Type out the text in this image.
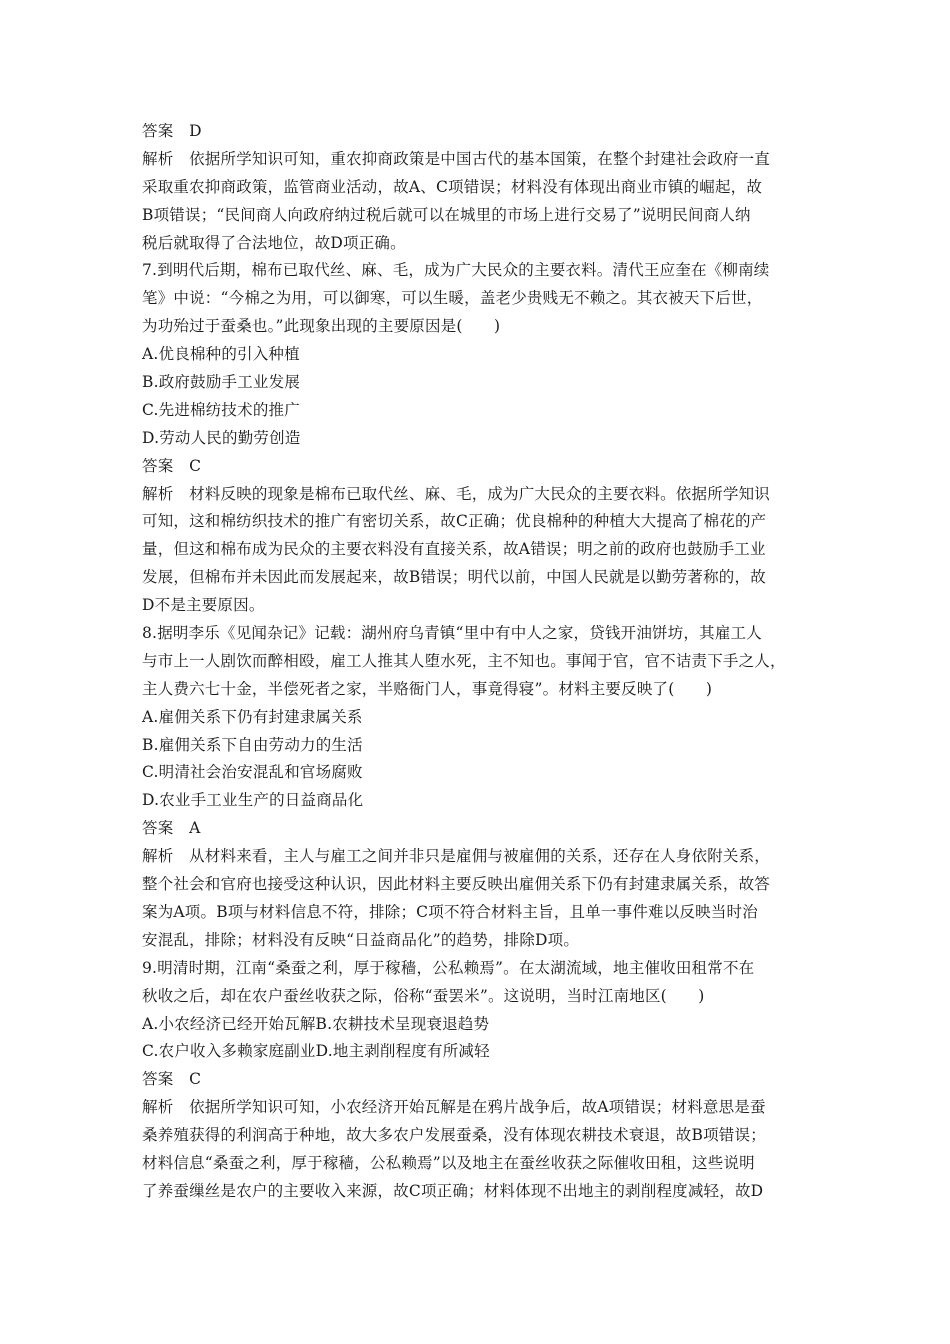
答案　D
解析　依据所学知识可知，重农抑商政策是中国古代的基本国策，在整个封建社会政府一直
采取重农抑商政策，监管商业活动，故A、C项错误；材料没有体现出商业市镇的崛起，故
B项错误；“民间商人向政府纳过税后就可以在城里的市场上进行交易了”说明民间商人纳
税后就取得了合法地位，故D项正确。
7.到明代后期，棉布已取代丝、麻、毛，成为广大民众的主要衣料。清代王应奎在《柳南续
笔》中说：“今棉之为用，可以御寒，可以生暖，盖老少贵贱无不赖之。其衣被天下后世，
为功殆过于蚕桑也。”此现象出现的主要原因是(　　)
A.优良棉种的引入种植
B.政府鼓励手工业发展
C.先进棉纺技术的推广
D.劳动人民的勤劳创造
答案　C
解析　材料反映的现象是棉布已取代丝、麻、毛，成为广大民众的主要衣料。依据所学知识
可知，这和棉纺织技术的推广有密切关系，故C正确；优良棉种的种植大大提高了棉花的产
量，但这和棉布成为民众的主要衣料没有直接关系，故A错误；明之前的政府也鼓励手工业
发展，但棉布并未因此而发展起来，故B错误；明代以前，中国人民就是以勤劳著称的，故
D不是主要原因。
8.据明李乐《见闻杂记》记载：湖州府乌青镇“里中有中人之家，贷钱开油饼坊，其雇工人
与市上一人剧饮而醉相殴，雇工人推其人堕水死，主不知也。事闻于官，官不诘责下手之人，
主人费六七十金，半偿死者之家，半赂衙门人，事竟得寝”。材料主要反映了(　　)
A.雇佣关系下仍有封建隶属关系
B.雇佣关系下自由劳动力的生活
C.明清社会治安混乱和官场腐败
D.农业手工业生产的日益商品化
答案　A
解析　从材料来看，主人与雇工之间并非只是雇佣与被雇佣的关系，还存在人身依附关系，
整个社会和官府也接受这种认识，因此材料主要反映出雇佣关系下仍有封建隶属关系，故答
案为A项。B项与材料信息不符，排除；C项不符合材料主旨，且单一事件难以反映当时治
安混乱，排除；材料没有反映“日益商品化”的趋势，排除D项。
9.明清时期，江南“桑蚕之利，厚于稼穑，公私赖焉”。在太湖流域，地主催收田租常不在
秋收之后，却在农户蚕丝收获之际，俗称“蚕罢米”。这说明，当时江南地区(　　)
A.小农经济已经开始瓦解B.农耕技术呈现衰退趋势
C.农户收入多赖家庭副业D.地主剥削程度有所减轻
答案　C
解析　依据所学知识可知，小农经济开始瓦解是在鸦片战争后，故A项错误；材料意思是蚕
桑养殖获得的利润高于种地，故大多农户发展蚕桑，没有体现农耕技术衰退，故B项错误；
材料信息“桑蚕之利，厚于稼穑，公私赖焉”以及地主在蚕丝收获之际催收田租，这些说明
了养蚕缫丝是农户的主要收入来源，故C项正确；材料体现不出地主的剥削程度减轻，故D
